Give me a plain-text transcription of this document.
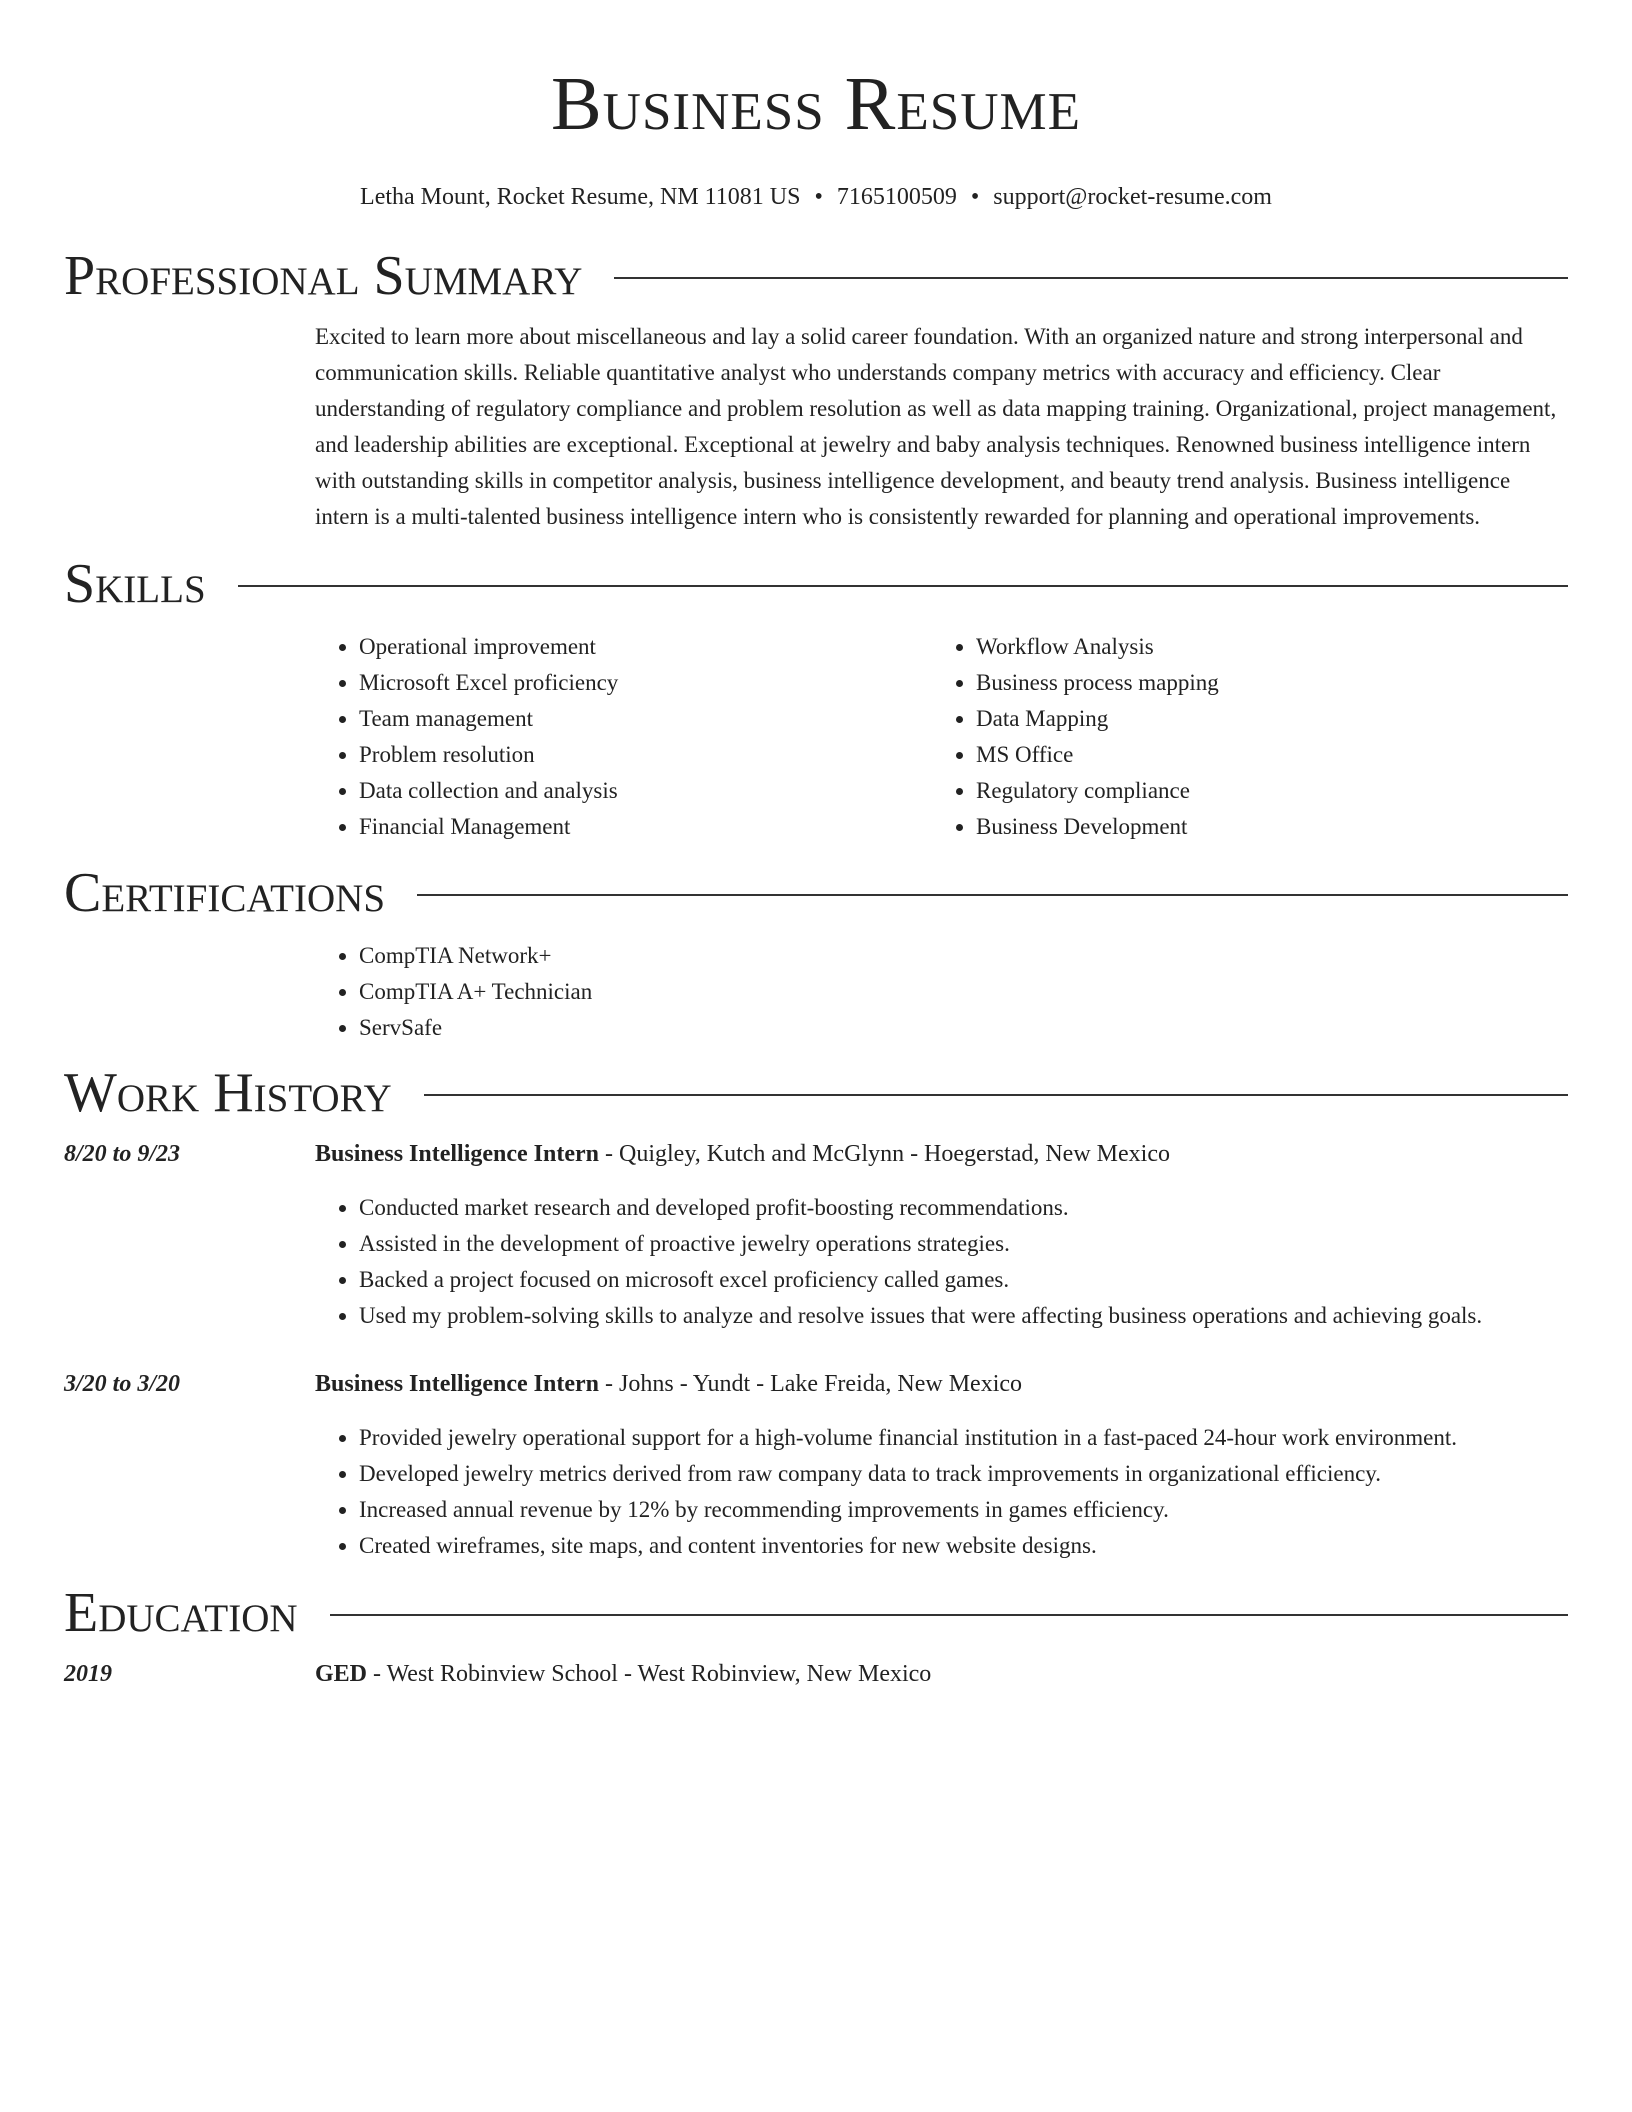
Business Resume
Letha Mount, Rocket Resume, NM 11081 US • 7165100509 • support@rocket-resume.com
Professional Summary

Excited to learn more about miscellaneous and lay a solid career foundation. With an organized nature and strong interpersonal and communication skills. Reliable quantitative analyst who understands company metrics with accuracy and efficiency. Clear understanding of regulatory compliance and problem resolution as well as data mapping training. Organizational, project management, and leadership abilities are exceptional. Exceptional at jewelry and baby analysis techniques. Renowned business intelligence intern with outstanding skills in competitor analysis, business intelligence development, and beauty trend analysis. Business intelligence intern is a multi-talented business intelligence intern who is consistently rewarded for planning and operational improvements.

Skills
• Operational improvement
• Microsoft Excel proficiency
• Team management
• Problem resolution
• Data collection and analysis
• Financial Management
• Workflow Analysis
• Business process mapping
• Data Mapping
• MS Office
• Regulatory compliance
• Business Development
Certifications
• CompTIA Network+
• CompTIA A+ Technician
• ServSafe
Work History
8/20 to 9/23	Business Intelligence Intern - Quigley, Kutch and McGlynn - Hoegerstad, New Mexico
• Conducted market research and developed profit-boosting recommendations.
• Assisted in the development of proactive jewelry operations strategies.
• Backed a project focused on microsoft excel proficiency called games.
• Used my problem-solving skills to analyze and resolve issues that were affecting business operations and achieving goals.
3/20 to 3/20	Business Intelligence Intern - Johns - Yundt - Lake Freida, New Mexico
• Provided jewelry operational support for a high-volume financial institution in a fast-paced 24-hour work environment.
• Developed jewelry metrics derived from raw company data to track improvements in organizational efficiency.
• Increased annual revenue by 12% by recommending improvements in games efficiency.
• Created wireframes, site maps, and content inventories for new website designs.
Education
2019	GED - West Robinview School - West Robinview, New Mexico
